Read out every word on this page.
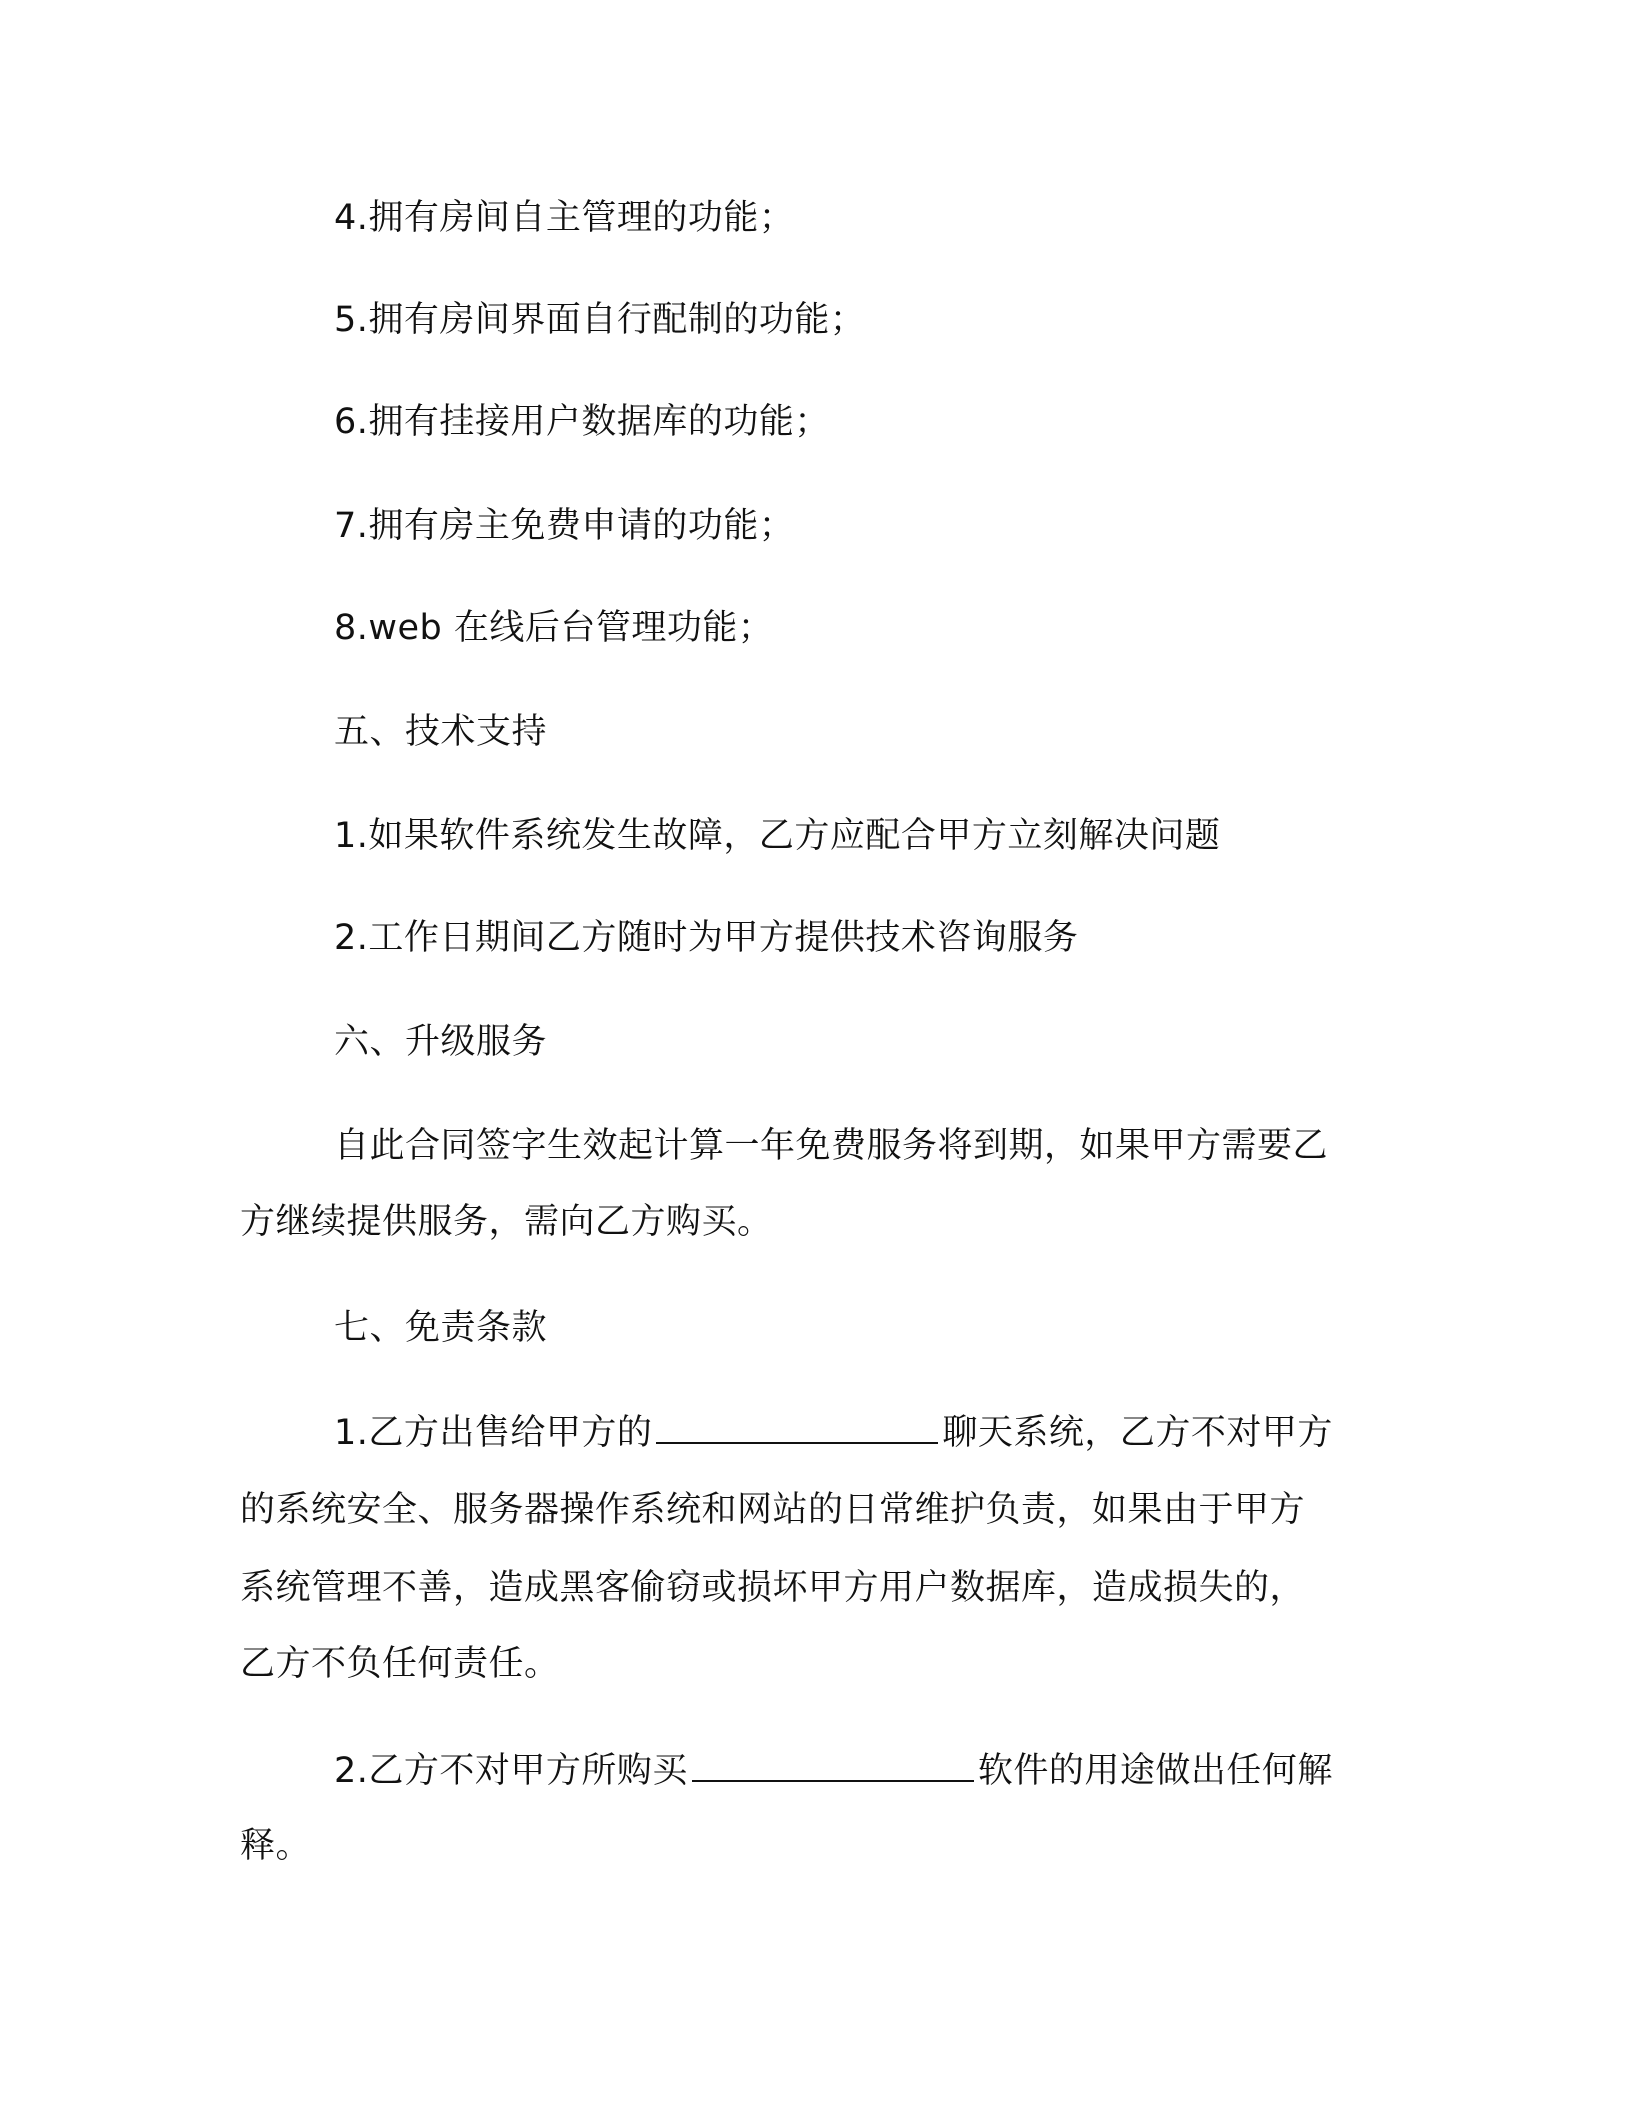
4.拥有房间自主管理的功能；
5.拥有房间界面自行配制的功能；
6.拥有挂接用户数据库的功能；
7.拥有房主免费申请的功能；
8.web 在线后台管理功能；
五、技术支持
1.如果软件系统发生故障，乙方应配合甲方立刻解决问题
2.工作日期间乙方随时为甲方提供技术咨询服务
六、升级服务
自此合同签字生效起计算一年免费服务将到期，如果甲方需要乙
方继续提供服务，需向乙方购买。
七、免责条款
1.乙方出售给甲方的	聊天系统，乙方不对甲方
的系统安全、服务器操作系统和网站的日常维护负责，如果由于甲方
系统管理不善，造成黑客偷窃或损坏甲方用户数据库，造成损失的，
乙方不负任何责任。
2.乙方不对甲方所购买	软件的用途做出任何解
释。
